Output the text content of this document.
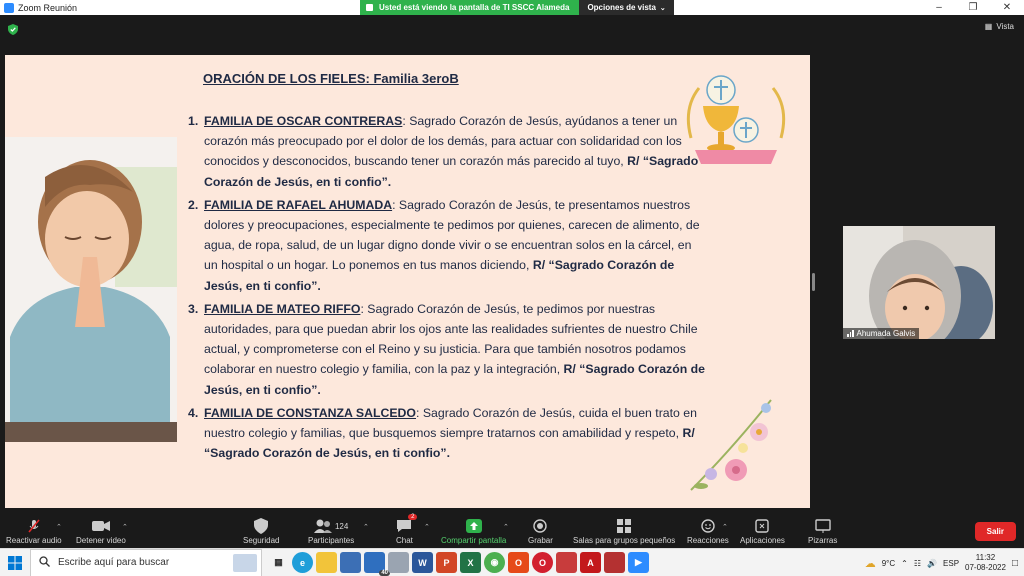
Zoom Reunión	–	❐	✕
Usted está viendo la pantalla de TI SSCC Alameda Opciones de vista ⌄
▦ Vista
ORACIÓN DE LOS FIELES: Familia 3eroB
1. FAMILIA DE OSCAR CONTRERAS: Sagrado Corazón de Jesús, ayúdanos a tener un corazón más preocupado por el dolor de los demás, para actuar con solidaridad con los conocidos y desconocidos, buscando tener un corazón más parecido al tuyo, R/ “Sagrado Corazón de Jesús, en ti confio”.
2. FAMILIA DE RAFAEL AHUMADA: Sagrado Corazón de Jesús, te presentamos nuestros dolores y preocupaciones, especialmente te pedimos por quienes, carecen de alimento, de agua, de ropa, salud, de un lugar digno donde vivir o se encuentran solos en la cárcel, en un hospital o un hogar. Lo ponemos en tus manos diciendo, R/ “Sagrado Corazón de Jesús, en ti confio”.
3. FAMILIA DE MATEO RIFFO: Sagrado Corazón de Jesús, te pedimos por nuestras autoridades, para que puedan abrir los ojos ante las realidades sufrientes de nuestro Chile actual, y comprometerse con el Reino y su justicia. Para que también nosotros podamos colaborar en nuestro colegio y familia, con la paz y la integración, R/ “Sagrado Corazón de Jesús, en ti confio”.
4. FAMILIA DE CONSTANZA SALCEDO: Sagrado Corazón de Jesús, cuida el buen trato en nuestro colegio y familias, que busquemos siempre tratarnos con amabilidad y respeto, R/ “Sagrado Corazón de Jesús, en ti confio”.
Ahumada Galvis
Reactivar audio
⌃
Detener video
⌃
Seguridad
124
Participantes
⌃
2
Chat
⌃
Compartir pantalla
⌃
Grabar	Salas para grupos pequeños Reacciones
⌃
Aplicaciones	Pizarras
Salir
Escribe aquí para buscar	▦	e
40
W	P	X	◉	O	O	A	▶	☁ 9°C ⌃ ☷ 🔊 ESP
11:32
07-08-2022 □
